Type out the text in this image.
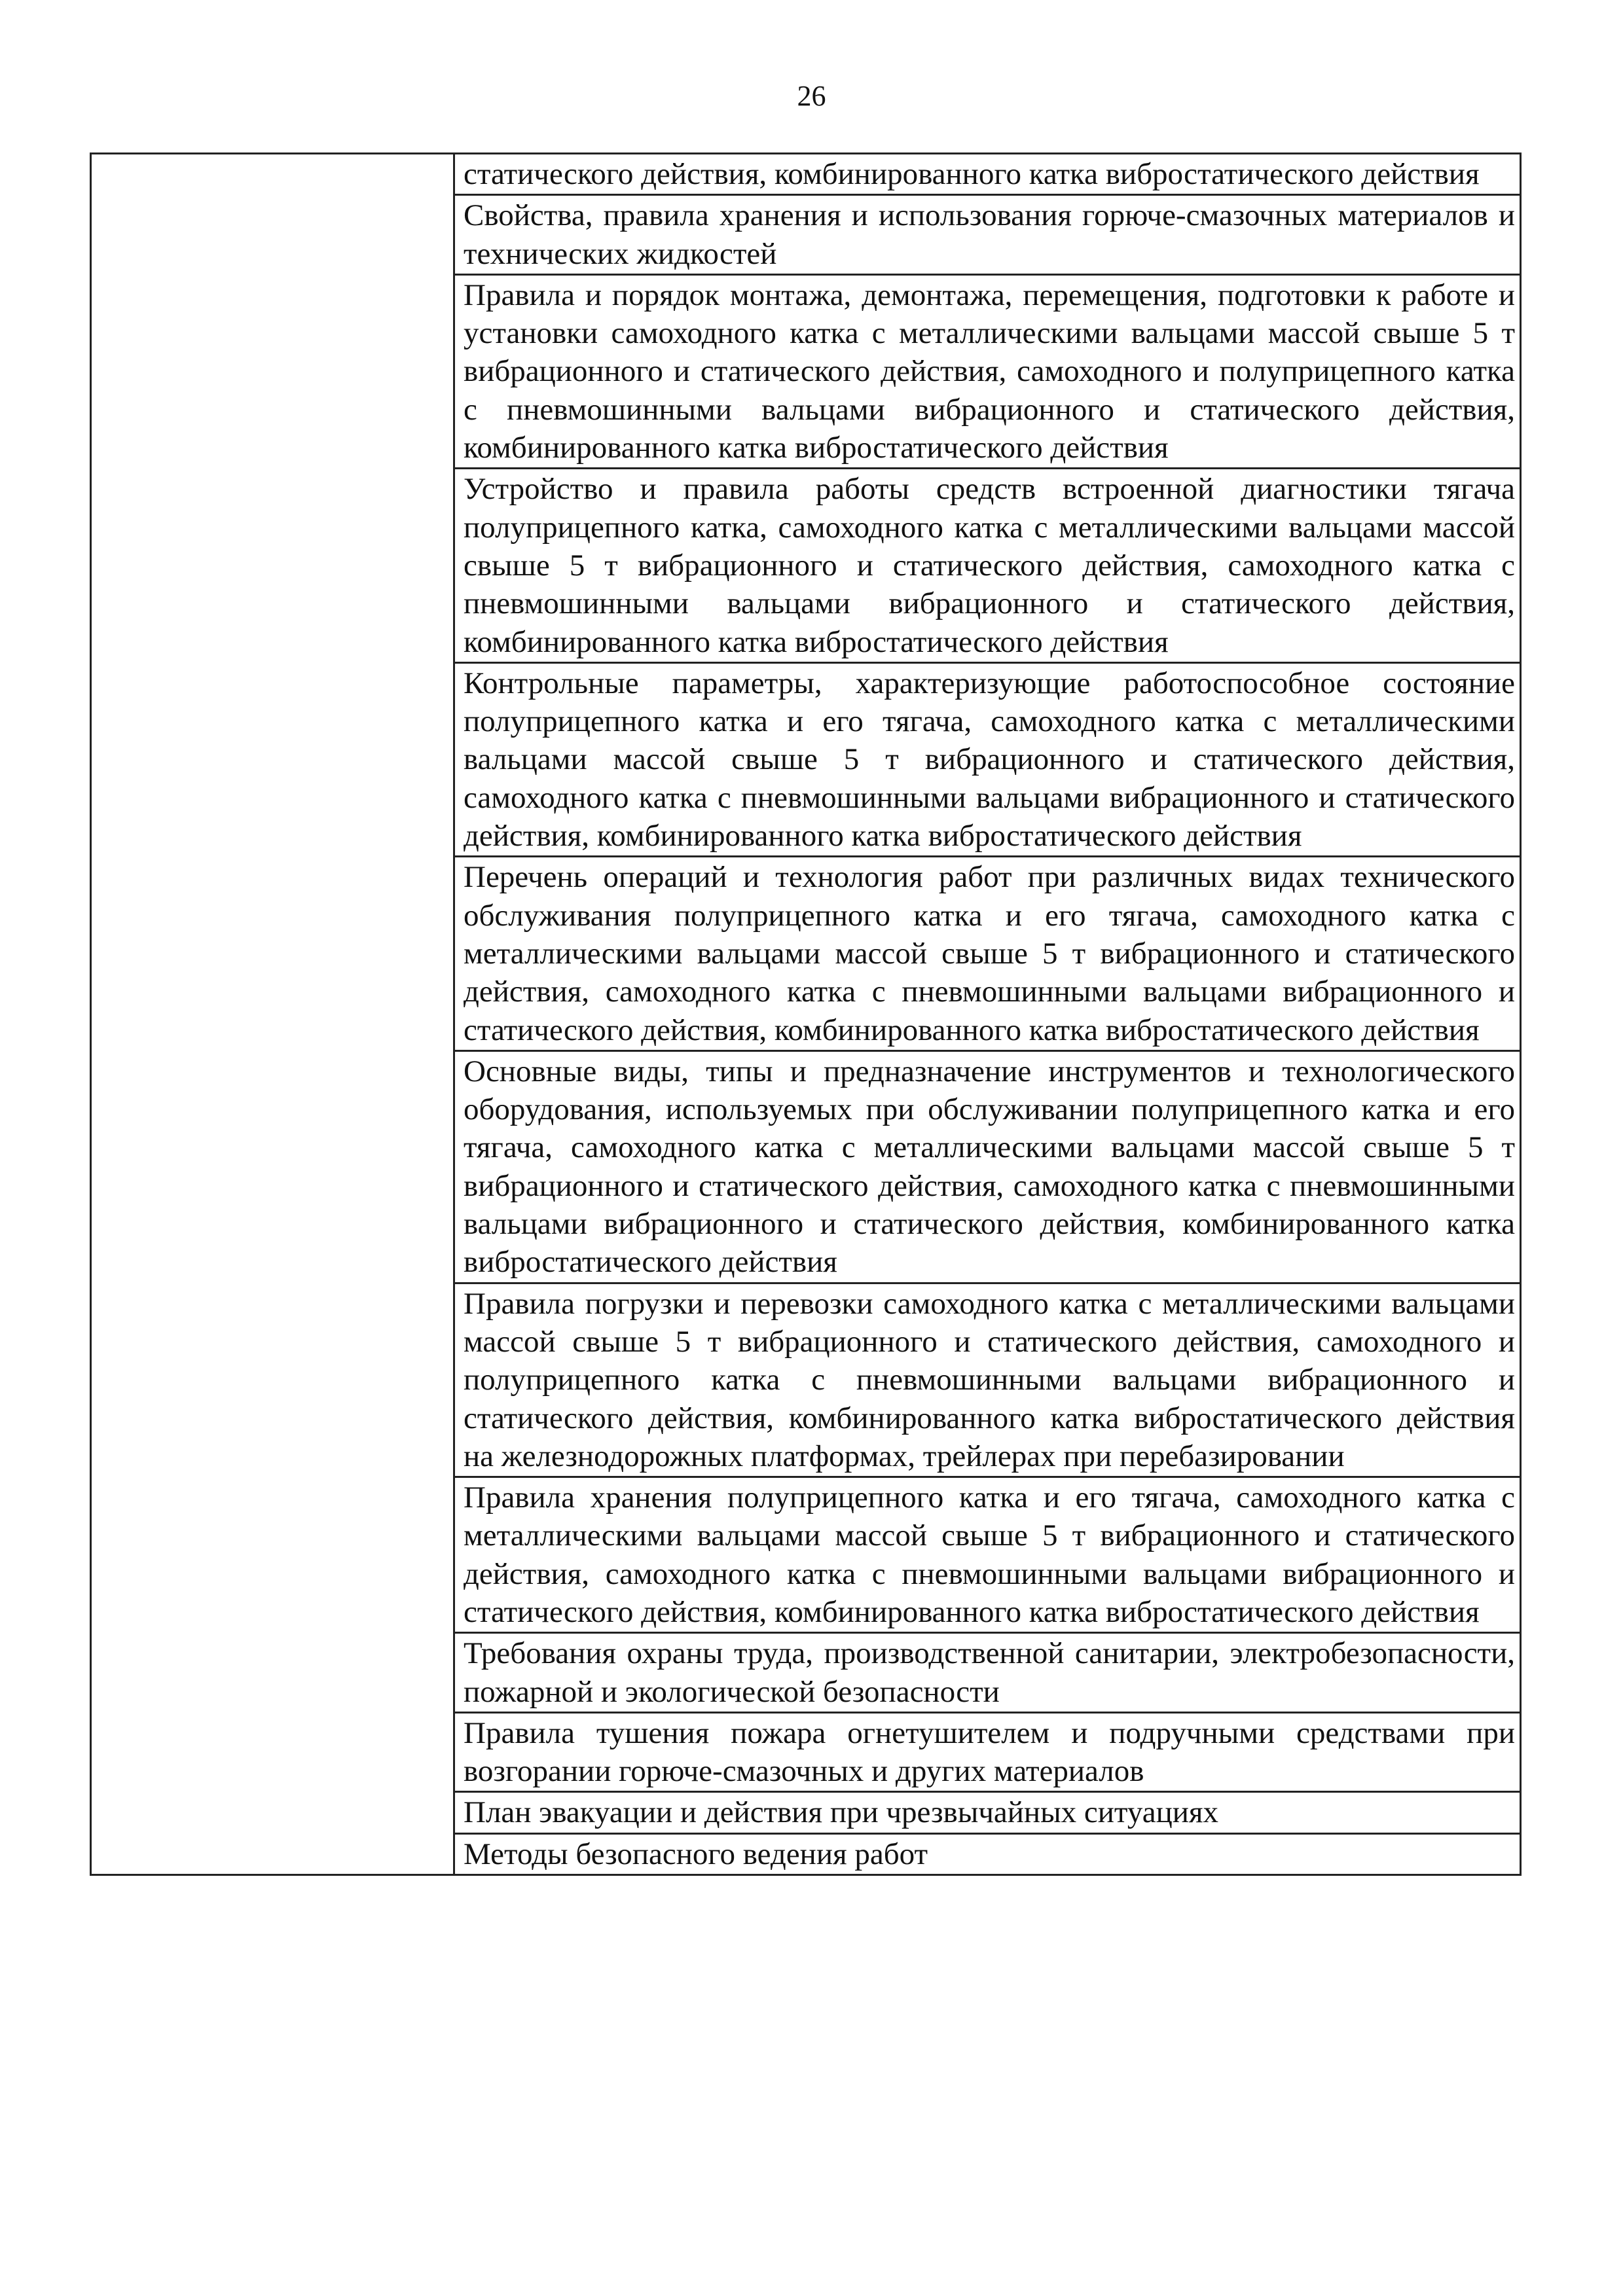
26

статического действия, комбинированного катка вибростатического действия

Свойства, правила хранения и использования горюче-смазочных материалов и технических жидкостей

Правила и порядок монтажа, демонтажа, перемещения, подготовки к работе и установки самоходного катка с металлическими вальцами массой свыше 5 т вибрационного и статического действия, самоходного и полуприцепного катка с пневмошинными вальцами вибрационного и статического действия, комбинированного катка вибростатического действия

Устройство и правила работы средств встроенной диагностики тягача полуприцепного катка, самоходного катка с металлическими вальцами массой свыше 5 т вибрационного и статического действия, самоходного катка с пневмошинными вальцами вибрационного и статического действия, комбинированного катка вибростатического действия

Контрольные параметры, характеризующие работоспособное состояние полуприцепного катка и его тягача, самоходного катка с металлическими вальцами массой свыше 5 т вибрационного и статического действия, самоходного катка с пневмошинными вальцами вибрационного и статического действия, комбинированного катка вибростатического действия

Перечень операций и технология работ при различных видах технического обслуживания полуприцепного катка и его тягача, самоходного катка с металлическими вальцами массой свыше 5 т вибрационного и статического действия, самоходного катка с пневмошинными вальцами вибрационного и статического действия, комбинированного катка вибростатического действия

Основные виды, типы и предназначение инструментов и технологического оборудования, используемых при обслуживании полуприцепного катка и его тягача, самоходного катка с металлическими вальцами массой свыше 5 т вибрационного и статического действия, самоходного катка с пневмошинными вальцами вибрационного и статического действия, комбинированного катка вибростатического действия

Правила погрузки и перевозки самоходного катка с металлическими вальцами массой свыше 5 т вибрационного и статического действия, самоходного и полуприцепного катка с пневмошинными вальцами вибрационного и статического действия, комбинированного катка вибростатического действия на железнодорожных платформах, трейлерах при перебазировании

Правила хранения полуприцепного катка и его тягача, самоходного катка с металлическими вальцами массой свыше 5 т вибрационного и статического действия, самоходного катка с пневмошинными вальцами вибрационного и статического действия, комбинированного катка вибростатического действия

Требования охраны труда, производственной санитарии, электробезопасности, пожарной и экологической безопасности

Правила тушения пожара огнетушителем и подручными средствами при возгорании горюче-смазочных и других материалов

План эвакуации и действия при чрезвычайных ситуациях

Методы безопасного ведения работ
